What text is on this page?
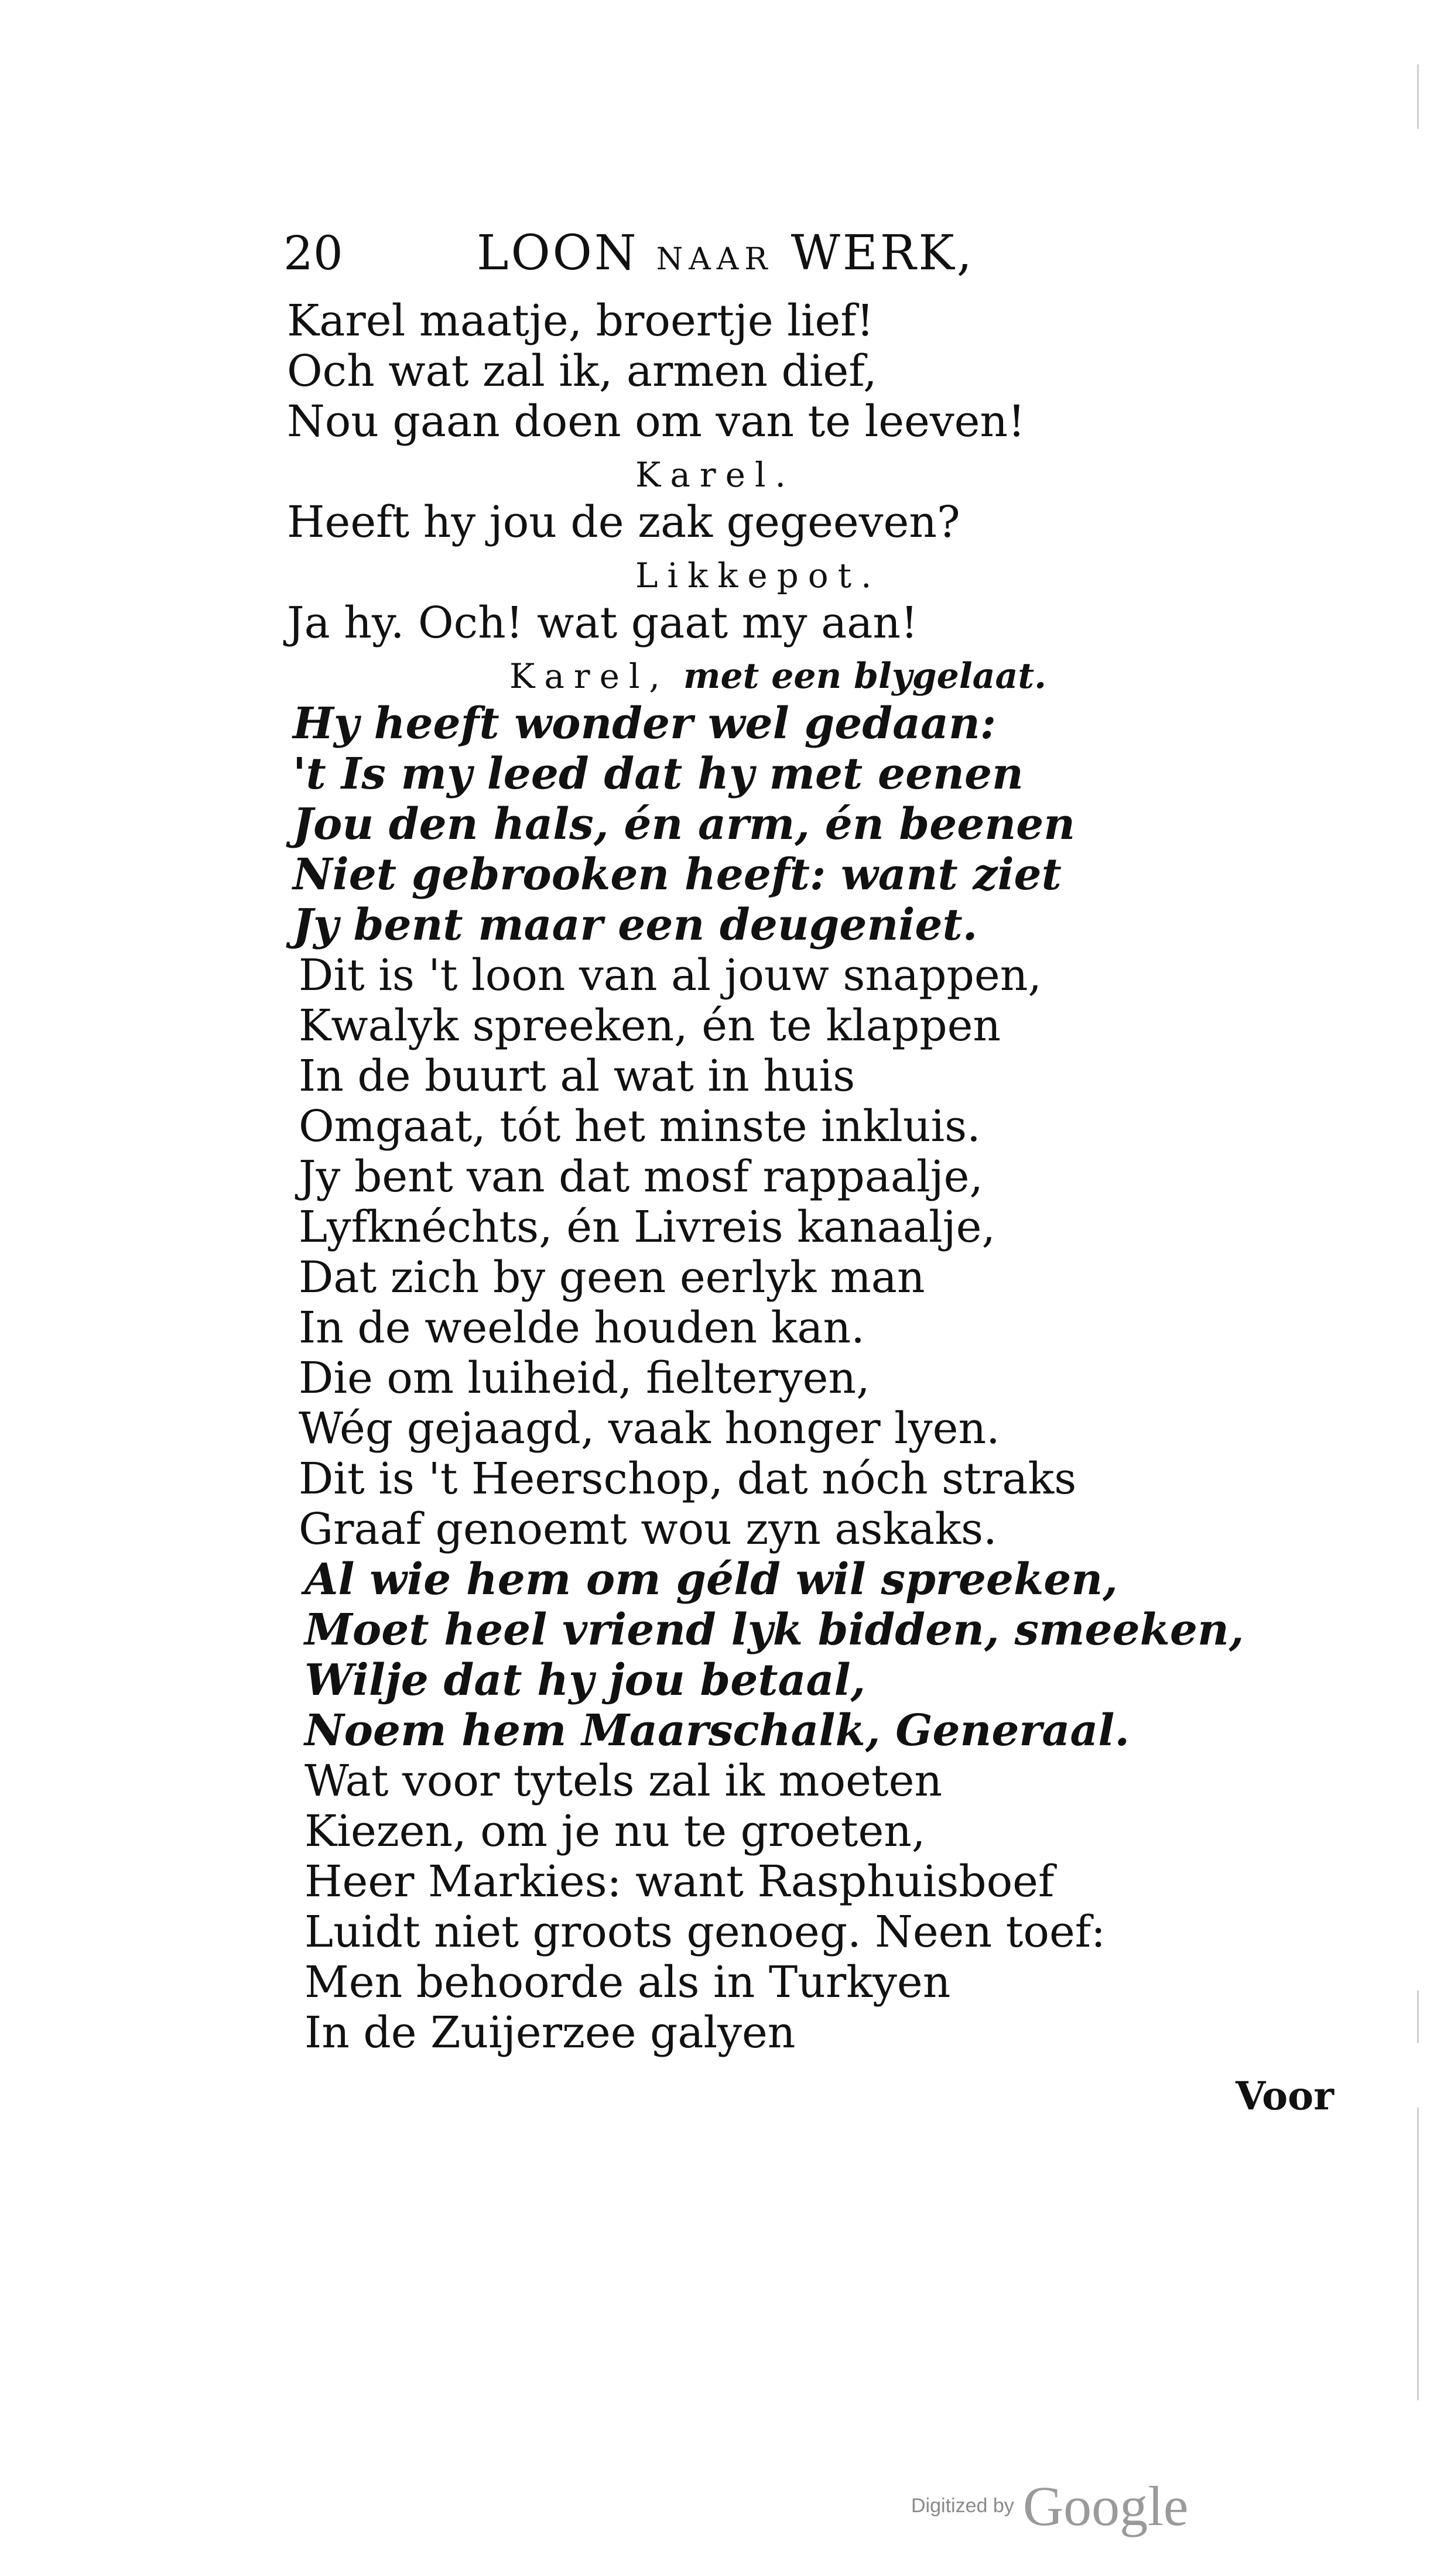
20	LOON NAAR WERK,
Karel maatje, broertje lief!
Och wat zal ik, armen dief,
Nou gaan doen om van te leeven!
Karel.
Heeft hy jou de zak gegeeven?
Likkepot.
Ja hy. Och! wat gaat my aan!
Karel, met een blygelaat.
Hy heeft wonder wel gedaan:
't Is my leed dat hy met eenen
Jou den hals, én arm, én beenen
Niet gebrooken heeft: want ziet
Jy bent maar een deugeniet.
Dit is 't loon van al jouw snappen,
Kwalyk spreeken, én te klappen
In de buurt al wat in huis
Omgaat, tót het minste inkluis.
Jy bent van dat mosf rappaalje,
Lyfknéchts, én Livreis kanaalje,
Dat zich by geen eerlyk man
In de weelde houden kan.
Die om luiheid, fielteryen,
Wég gejaagd, vaak honger lyen.
Dit is 't Heerschop, dat nóch straks
Graaf genoemt wou zyn askaks.
Al wie hem om géld wil spreeken,
Moet heel vriend lyk bidden, smeeken,
Wilje dat hy jou betaal,
Noem hem Maarschalk, Generaal.
Wat voor tytels zal ik moeten
Kiezen, om je nu te groeten,
Heer Markies: want Rasphuisboef
Luidt niet groots genoeg. Neen toef:
Men behoorde als in Turkyen
In de Zuijerzee galyen
Voor
Digitized by Google
